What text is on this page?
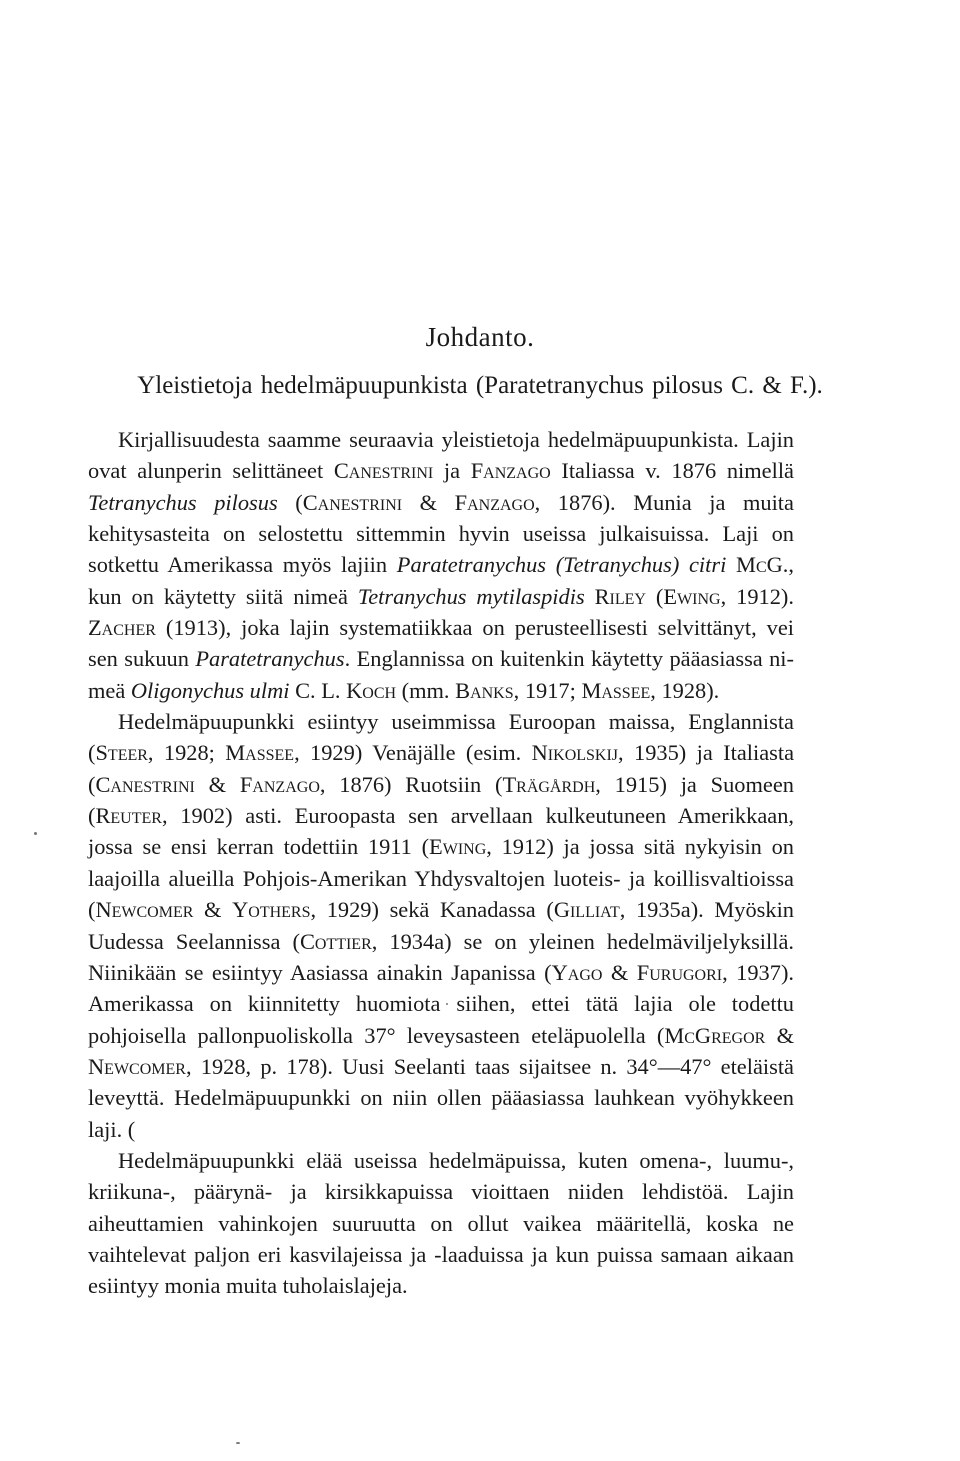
Johdanto.
Yleistietoja hedelmäpuupunkista (Paratetranychus pilosus C. & F.).

Kirjallisuudesta saamme seuraavia yleistietoja hedelmäpuupunkista. Lajin ovat alunperin selittäneet Canestrini ja Fanzago Italiassa v. 1876 nimellä Tetranychus pilosus (Canestrini & Fanzago, 1876). Munia ja muita kehitysasteita on selostettu sittemmin hyvin useissa julkaisuissa. Laji on sotkettu Amerikassa myös lajiin Paratetranychus (Tetranychus) citri McG., kun on käytetty siitä nimeä Tetranychus mytilaspidis Riley (Ewing, 1912). Zacher (1913), joka lajin systematiikkaa on perusteellisesti selvittänyt, vei sen sukuun Paratetranychus. Englannissa on kuitenkin käytetty pääasiassa nimeä Oligonychus ulmi C. L. Koch (mm. Banks, 1917; Massee, 1928).

Hedelmäpuupunkki esiintyy useimmissa Euroopan maissa, Englannista (Steer, 1928; Massee, 1929) Venäjälle (esim. Nikolskij, 1935) ja Italiasta (Canestrini & Fanzago, 1876) Ruotsiin (Trägårdh, 1915) ja Suomeen (Reuter, 1902) asti. Euroopasta sen arvellaan kulkeutuneen Amerikkaan, jossa se ensi kerran todettiin 1911 (Ewing, 1912) ja jossa sitä nykyisin on laajoilla alueilla Pohjois-Amerikan Yhdysvaltojen luoteis- ja koillisvaltioissa (Newcomer & Yothers, 1929) sekä Kanadassa (Gilliat, 1935a). Myöskin Uudessa Seelannissa (Cottier, 1934a) se on yleinen hedelmäviljelyksillä. Niinikään se esiintyy Aasiassa ainakin Japanissa (Yago & Furugori, 1937). Amerikassa on kiinnitetty huomiota siihen, ettei tätä lajia ole todettu pohjoisella pallonpuoliskolla 37° leveysasteen eteläpuolella (McGregor & Newcomer, 1928, p. 178). Uusi Seelanti taas sijaitsee n. 34°—47° eteläistä leveyttä. Hedelmäpuupunkki on niin ollen pääasiassa lauhkean vyöhykkeen laji. (

Hedelmäpuupunkki elää useissa hedelmäpuissa, kuten omena-, luumu-, kriikuna-, päärynä- ja kirsikkapuissa vioittaen niiden lehdistöä. Lajin aiheuttamien vahinkojen suuruutta on ollut vaikea määritellä, koska ne vaihtelevat paljon eri kasvilajeissa ja -laaduissa ja kun puissa samaan aikaan esiintyy monia muita tuholaislajeja.
